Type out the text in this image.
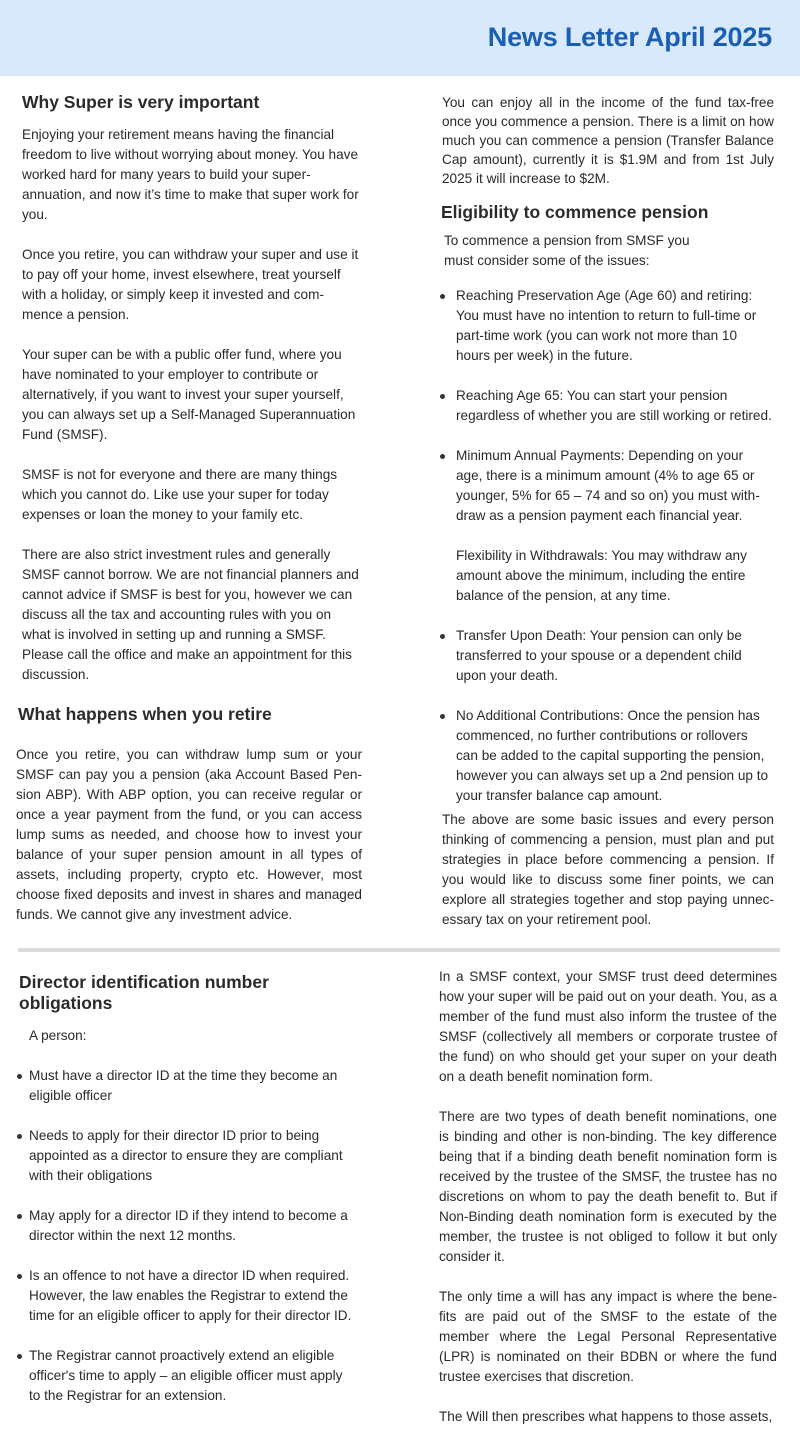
News Letter April 2025
Why Super is very important

Enjoying your retirement means having the financial freedom to live without worrying about money. You have worked hard for many years to build your superannuation, and now it’s time to make that super work for you.

Once you retire, you can withdraw your super and use it to pay off your home, invest elsewhere, treat yourself with a holiday, or simply keep it invested and commence a pension.

Your super can be with a public offer fund, where you have nominated to your employer to contribute or alternatively, if you want to invest your super yourself, you can always set up a Self-Managed Superannuation Fund (SMSF).

SMSF is not for everyone and there are many things which you cannot do. Like use your super for today expenses or loan the money to your family etc.

There are also strict investment rules and generally SMSF cannot borrow. We are not financial planners and cannot advice if SMSF is best for you, however we can discuss all the tax and accounting rules with you on what is involved in setting up and running a SMSF. Please call the office and make an appointment for this discussion.

What happens when you retire

Once you retire, you can withdraw lump sum or your SMSF can pay you a pension (aka Account Based Pension ABP). With ABP option, you can receive regular or once a year payment from the fund, or you can access lump sums as needed, and choose how to invest your balance of your super pension amount in all types of assets, including property, crypto etc. However, most choose fixed deposits and invest in shares and managed funds. We cannot give any investment advice.

You can enjoy all in the income of the fund tax-free once you commence a pension. There is a limit on how much you can commence a pension (Transfer Balance Cap amount), currently it is $1.9M and from 1st July 2025 it will increase to $2M.

Eligibility to commence pension

To commence a pension from SMSF you must consider some of the issues:

Reaching Preservation Age (Age 60) and retiring: You must have no intention to return to full-time or part-time work (you can work not more than 10 hours per week) in the future.
Reaching Age 65: You can start your pension regardless of whether you are still working or retired.
Minimum Annual Payments: Depending on your age, there is a minimum amount (4% to age 65 or younger, 5% for 65 – 74 and so on) you must withdraw as a pension payment each financial year.
Flexibility in Withdrawals: You may withdraw any amount above the minimum, including the entire balance of the pension, at any time.
Transfer Upon Death: Your pension can only be transferred to your spouse or a dependent child upon your death.
No Additional Contributions: Once the pension has commenced, no further contributions or rollovers can be added to the capital supporting the pension, however you can always set up a 2nd pension up to your transfer balance cap amount.

The above are some basic issues and every person thinking of commencing a pension, must plan and put strategies in place before commencing a pension. If you would like to discuss some finer points, we can explore all strategies together and stop paying unnecessary tax on your retirement pool.

Director identification number
obligations

A person:

Must have a director ID at the time they become an eligible officer
Needs to apply for their director ID prior to being appointed as a director to ensure they are compliant with their obligations
May apply for a director ID if they intend to become a director within the next 12 months.
Is an offence to not have a director ID when required. However, the law enables the Registrar to extend the time for an eligible officer to apply for their director ID.
The Registrar cannot proactively extend an eligible officer's time to apply – an eligible officer must apply to the Registrar for an extension.

In a SMSF context, your SMSF trust deed determines how your super will be paid out on your death. You, as a member of the fund must also inform the trustee of the SMSF (collectively all members or corporate trustee of the fund) on who should get your super on your death on a death benefit nomination form.

There are two types of death benefit nominations, one is binding and other is non-binding. The key difference being that if a binding death benefit nomination form is received by the trustee of the SMSF, the trustee has no discretions on whom to pay the death benefit to. But if Non-Binding death nomination form is executed by the member, the trustee is not obliged to follow it but only consider it.

The only time a will has any impact is where the benefits are paid out of the SMSF to the estate of the member where the Legal Personal Representative (LPR) is nominated on their BDBN or where the fund trustee exercises that discretion.

The Will then prescribes what happens to those assets,
